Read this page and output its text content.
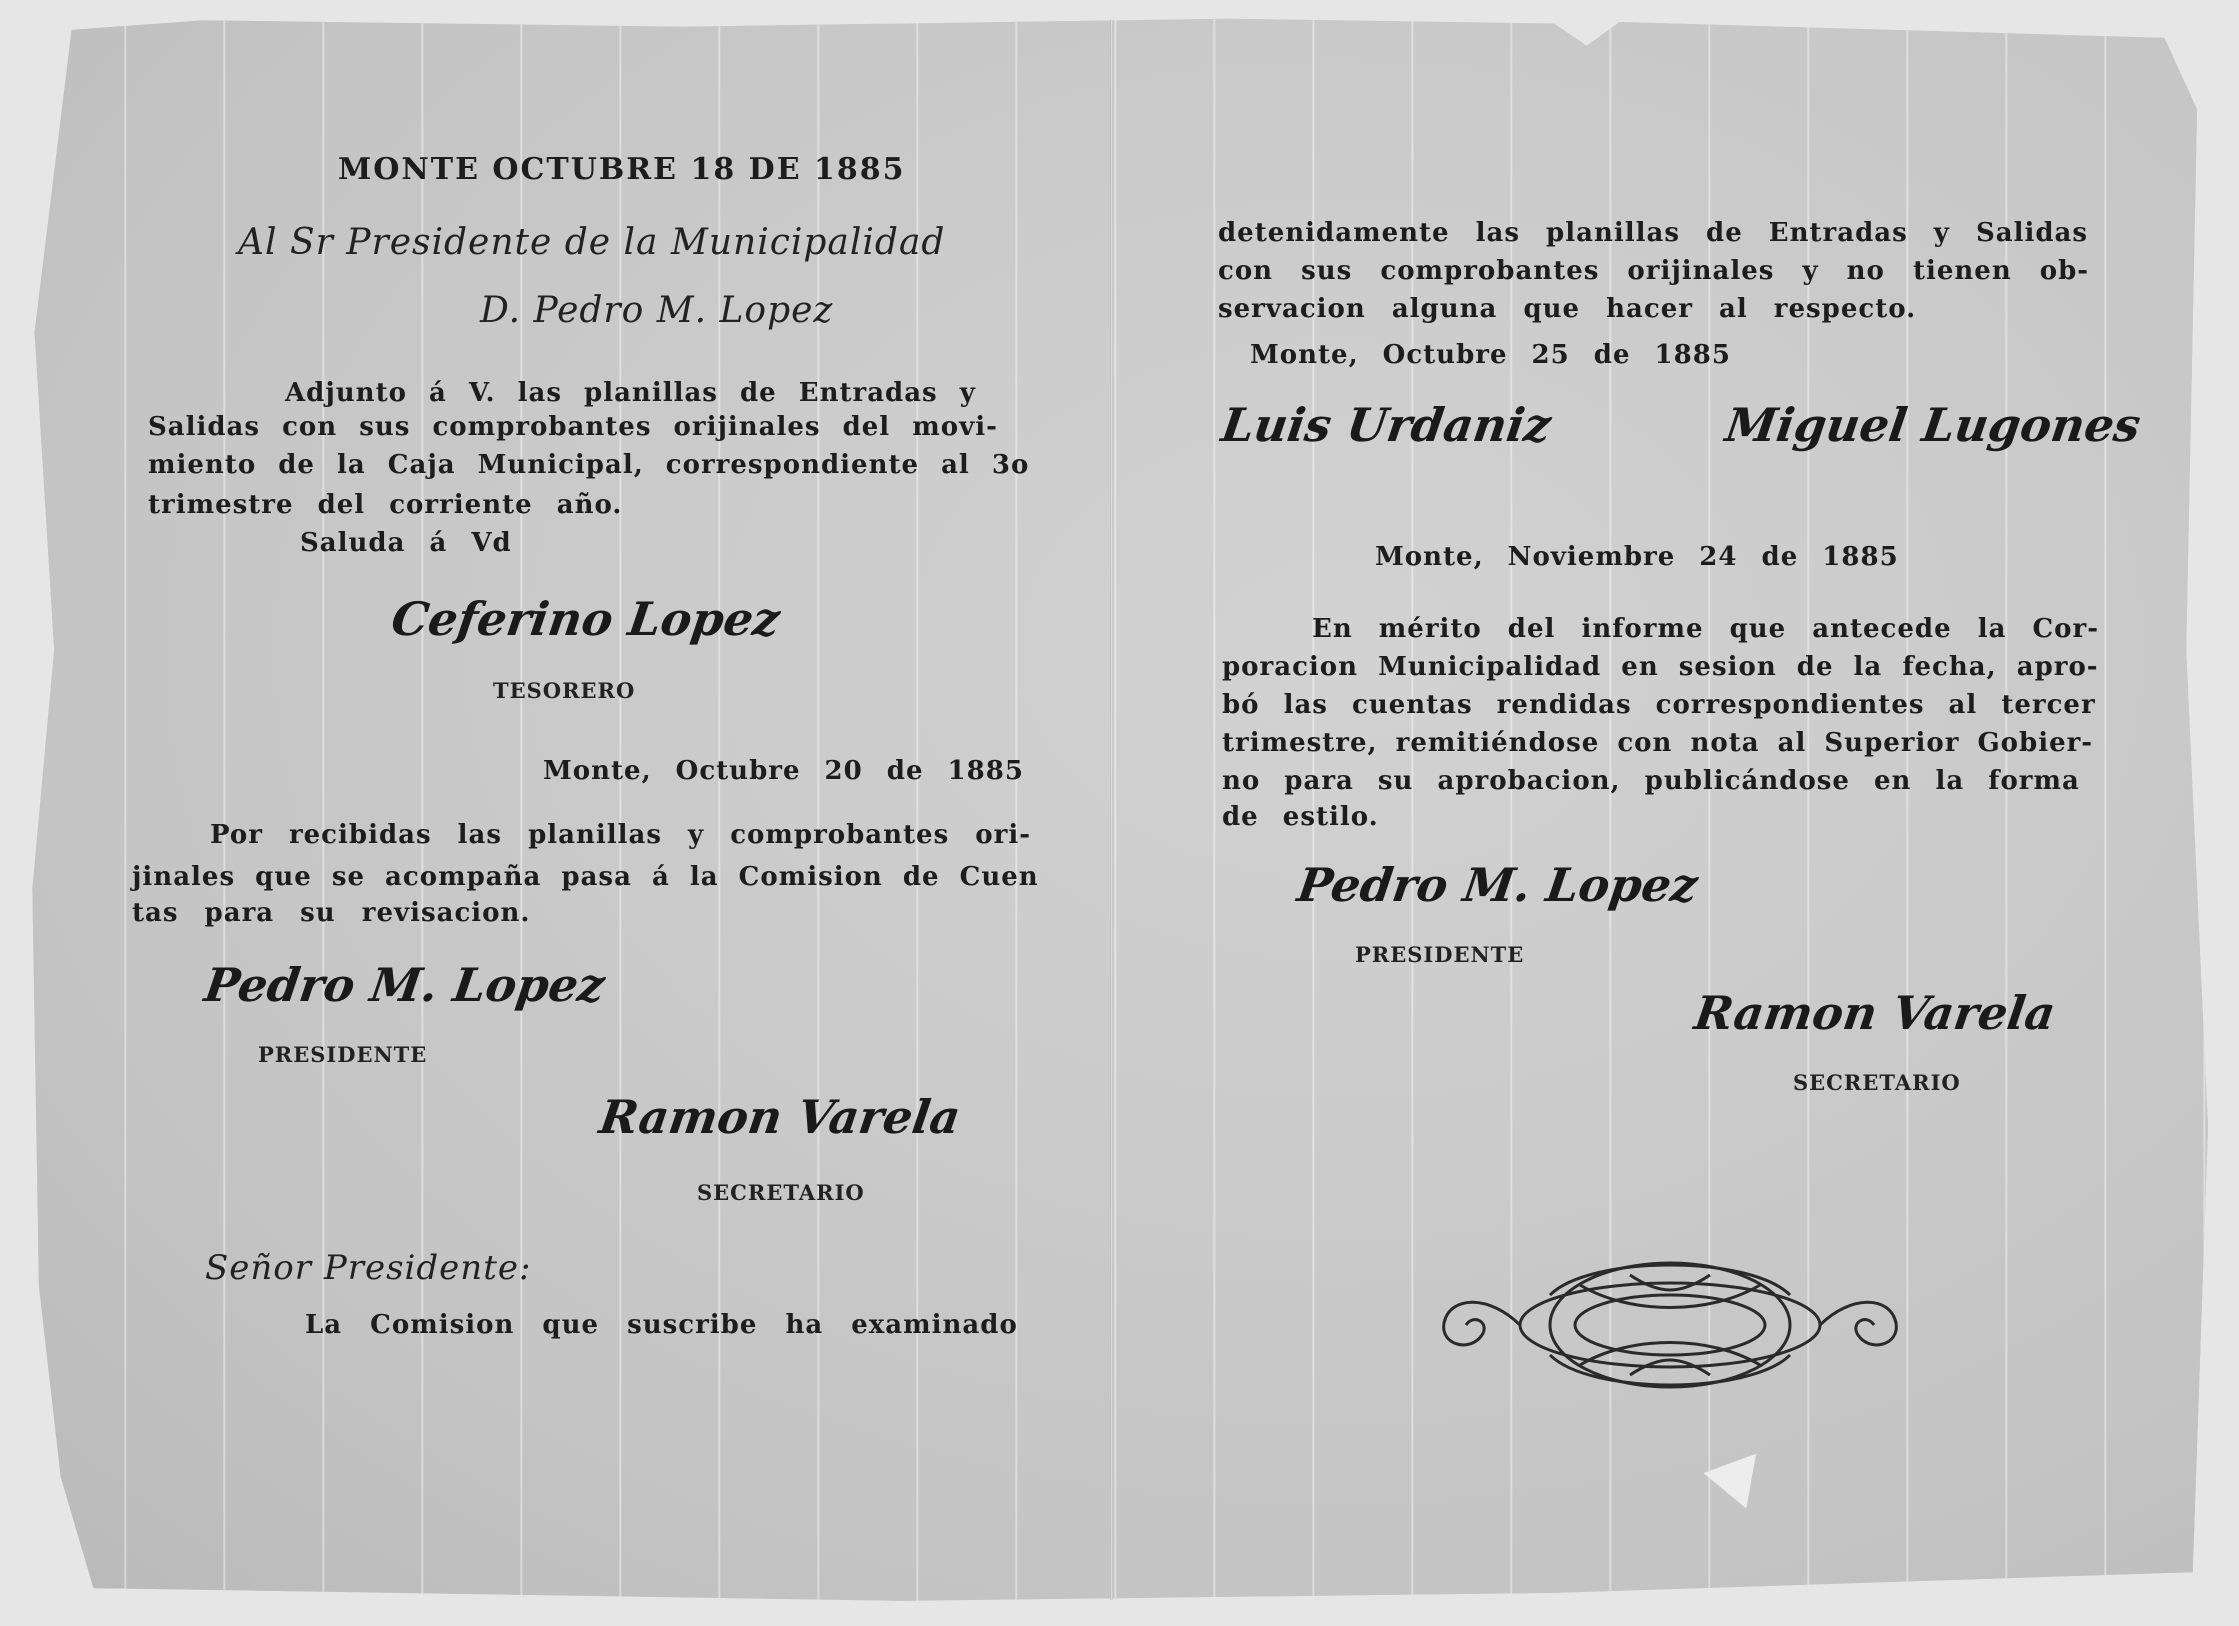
MONTE OCTUBRE 18 DE 1885
Al Sr Presidente de la Municipalidad
D. Pedro M. Lopez
Adjunto á V. las planillas de Entradas y
Salidas con sus comprobantes orijinales del movi-
miento de la Caja Municipal, correspondiente al 3o
trimestre del corriente año.
Saluda á Vd
Ceferino Lopez
TESORERO
Monte, Octubre 20 de 1885
Por recibidas las planillas y comprobantes ori-
jinales que se acompaña pasa á la Comision de Cuen
tas para su revisacion.
Pedro M. Lopez
PRESIDENTE
Ramon Varela
SECRETARIO
Señor Presidente:
La Comision que suscribe ha examinado
detenidamente las planillas de Entradas y Salidas
con sus comprobantes orijinales y no tienen ob-
servacion alguna que hacer al respecto.
Monte, Octubre 25 de 1885
Luis Urdaniz	Miguel Lugones
Monte, Noviembre 24 de 1885
En mérito del informe que antecede la Cor-
poracion Municipalidad en sesion de la fecha, apro-
bó las cuentas rendidas correspondientes al tercer
trimestre, remitiéndose con nota al Superior Gobier-
no para su aprobacion, publicándose en la forma
de estilo.
Pedro M. Lopez
PRESIDENTE
Ramon Varela
SECRETARIO
